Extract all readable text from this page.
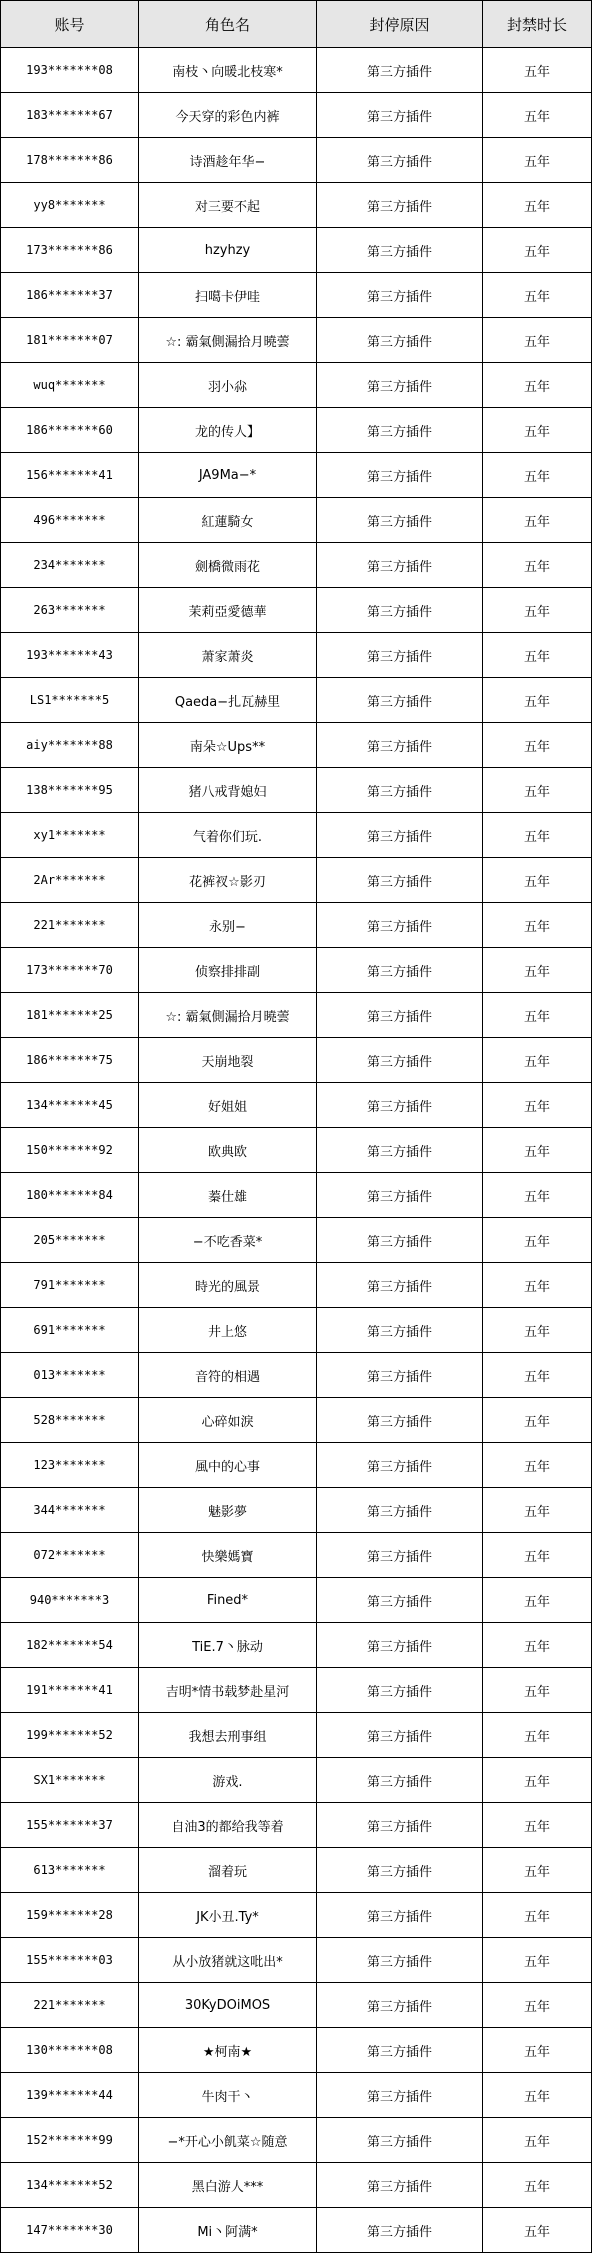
账号	角色名	封停原因	封禁时长
193*******08	南枝丶向暖北枝寒*	第三方插件	五年
183*******67	今天穿的彩色内裤	第三方插件	五年
178*******86	诗酒趁年华−	第三方插件	五年
yy8*******	对三要不起	第三方插件	五年
173*******86	hzyhzy	第三方插件	五年
186*******37	扫噶卡伊哇	第三方插件	五年
181*******07	☆: 霸氣側漏拾月曉蕓	第三方插件	五年
wuq*******	羽小尛	第三方插件	五年
186*******60	龙的传人】	第三方插件	五年
156*******41	JA9Ma−*	第三方插件	五年
496*******	紅蓮騎女	第三方插件	五年
234*******	劍橋微雨花	第三方插件	五年
263*******	茉莉亞愛德華	第三方插件	五年
193*******43	萧家萧炎	第三方插件	五年
LS1*******5	Qaeda−扎瓦赫里	第三方插件	五年
aiy*******88	南朵☆Ups**	第三方插件	五年
138*******95	猪八戒背媳妇	第三方插件	五年
xy1*******	气着你们玩.	第三方插件	五年
2Ar*******	花裤衩☆影刃	第三方插件	五年
221*******	永别−	第三方插件	五年
173*******70	侦察排排副	第三方插件	五年
181*******25	☆: 霸氣側漏拾月曉蕓	第三方插件	五年
186*******75	天崩地裂	第三方插件	五年
134*******45	好姐姐	第三方插件	五年
150*******92	欧典欧	第三方插件	五年
180*******84	蓁仕雄	第三方插件	五年
205*******	−不吃香菜*	第三方插件	五年
791*******	時光的風景	第三方插件	五年
691*******	井上悠	第三方插件	五年
013*******	音符的相遇	第三方插件	五年
528*******	心碎如淚	第三方插件	五年
123*******	風中的心事	第三方插件	五年
344*******	魅影夢	第三方插件	五年
072*******	快樂媽寶	第三方插件	五年
940*******3	Fined*	第三方插件	五年
182*******54	TiE.7丶脉动	第三方插件	五年
191*******41	吉明*情书载梦赴星河	第三方插件	五年
199*******52	我想去刑事组	第三方插件	五年
SX1*******	游戏.	第三方插件	五年
155*******37	自油3的都给我等着	第三方插件	五年
613*******	溜着玩	第三方插件	五年
159*******28	JK小丑.Ty*	第三方插件	五年
155*******03	从小放猪就这吡出*	第三方插件	五年
221*******	30KyDOiMOS	第三方插件	五年
130*******08	★柯南★	第三方插件	五年
139*******44	牛肉干丶	第三方插件	五年
152*******99	−*开心小飢菜☆随意	第三方插件	五年
134*******52	黑白游人***	第三方插件	五年
147*******30	Mi丶阿满*	第三方插件	五年
